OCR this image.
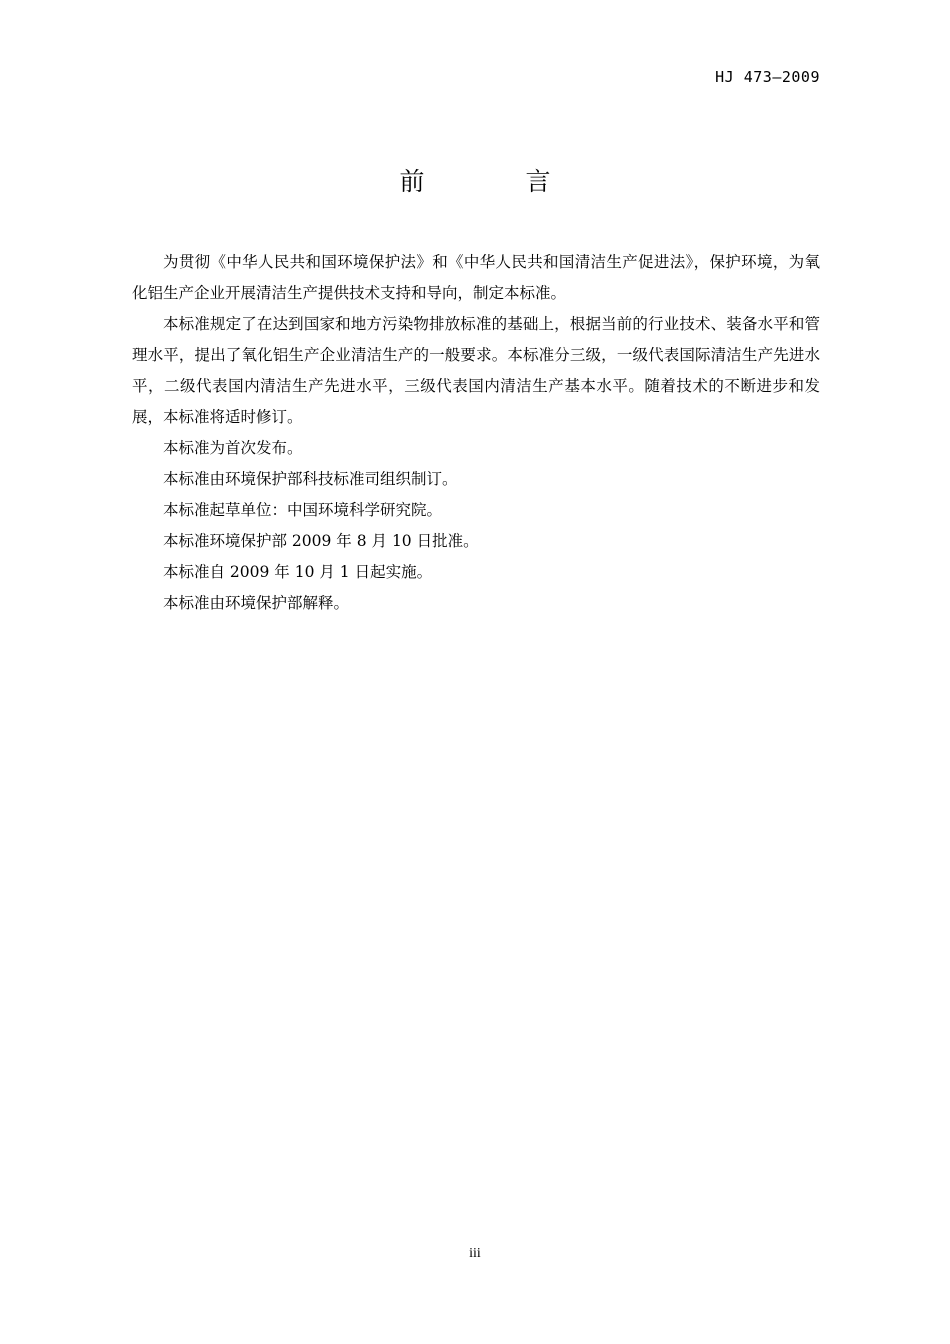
HJ 473—2009
前　言

为贯彻《中华人民共和国环境保护法》和《中华人民共和国清洁生产促进法》，保护环境，为氧化铝生产企业开展清洁生产提供技术支持和导向，制定本标准。

本标准规定了在达到国家和地方污染物排放标准的基础上，根据当前的行业技术、装备水平和管理水平，提出了氧化铝生产企业清洁生产的一般要求。本标准分三级，一级代表国际清洁生产先进水平，二级代表国内清洁生产先进水平，三级代表国内清洁生产基本水平。随着技术的不断进步和发展，本标准将适时修订。

本标准为首次发布。

本标准由环境保护部科技标准司组织制订。

本标准起草单位：中国环境科学研究院。

本标准环境保护部 2009 年 8 月 10 日批准。

本标准自 2009 年 10 月 1 日起实施。

本标准由环境保护部解释。

iii
